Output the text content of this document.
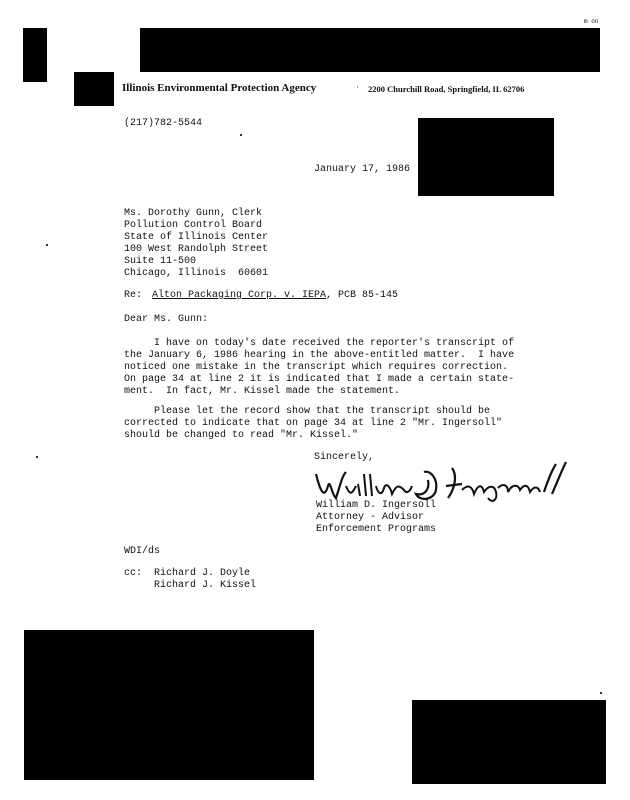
m on
Illinois Environmental Protection Agency	· 2200 Churchill Road, Springfield, IL 62706
(217)782-5544
January 17, 1986
Ms. Dorothy Gunn, Clerk
Pollution Control Board
State of Illinois Center
100 West Randolph Street
Suite 11-500
Chicago, Illinois  60601
Re: Alton Packaging Corp. v. IEPA , PCB 85-145
Dear Ms. Gunn:
I have on today's date received the reporter's transcript of
the January 6, 1986 hearing in the above-entitled matter.  I have
noticed one mistake in the transcript which requires correction.
On page 34 at line 2 it is indicated that I made a certain state-
ment.  In fact, Mr. Kissel made the statement.
Please let the record show that the transcript should be
corrected to indicate that on page 34 at line 2 "Mr. Ingersoll"
should be changed to read "Mr. Kissel."
Sincerely,
William D. Ingersoll
Attorney - Advisor
Enforcement Programs
WDI/ds
cc: Richard J. Doyle
Richard J. Kissel
